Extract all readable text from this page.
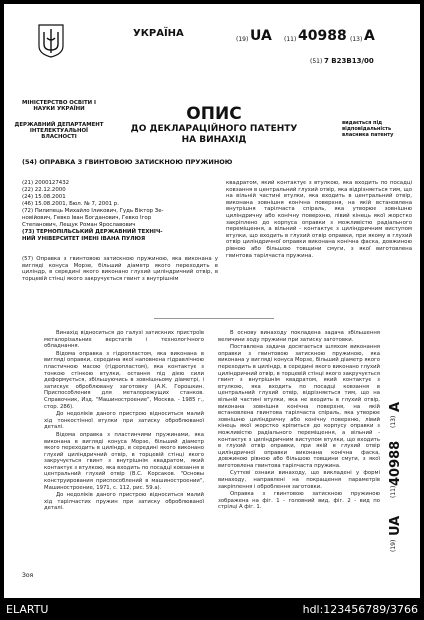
УКРАЇНА
(19) UA (11) 40988 (13) A
(51) 7 B23B13/00
МІНІСТЕРСТВО ОСВІТИ І НАУКИ УКРАЇНИ
ДЕРЖАВНИЙ ДЕПАРТАМЕНТ ІНТЕЛЕКТУАЛЬНОЇ ВЛАСНОСТІ
ОПИС
ДО ДЕКЛАРАЦІЙНОГО ПАТЕНТУ
НА ВИНАХІД
видається під відповідальність власника патенту
(54) ОПРАВКА З ГВИНТОВОЮ ЗАТИСКНОЮ ПРУЖИНОЮ
(21) 2000127432
(22) 22.12.2000
(24) 15.08.2001
(46) 15.08.2001, Бюл. № 7, 2001 р.
(72) Пилипець Михайло Іликович, Гудь Віктор Зе-
новійович, Гевко Іван Богданович, Гевко Ігор
Степанович, Лещук Роман Ярославович
(73) ТЕРНОПІЛЬСЬКИЙ ДЕРЖАВНИЙ ТЕХНІЧ-
НИЙ УНІВЕРСИТЕТ ІМЕНІ ІВАНА ПУЛЮЯ
(57) Оправка з гвинтовою затискною пружиною, яка виконана у вигляді конуса Морзе, більший діаметр якого переходить в циліндр, в середині якого виконано глухий циліндричний отвір, в торцевій стінці якого закручується гвинт з внутрішнім
квадратом, який контактує з втулкою, яка входить по посадці ковзання в центральний глухий отвір, яка відрізняється тим, що на вільній частині втулки, яка входить в центральний отвір, виконана зовнішня конічна поверхня, на якій встановлена внутрішня тарілчаста спіраль, яка утворює зовнішню циліндричну або конічну поверхню, лівий кінець якої жорстко закріплено до корпуса оправки з можливістю радіального переміщення, а вільний - контактує з циліндричним виступом втулки, що входить в глухий отвір оправки, при якому в глухий отвір циліндричної оправки виконана конічна фаска, довжиною рівною або більшою товщини смуги, з якої виготовлена гвинтова тарілчаста пружина.
Винахід відноситься до галузі затискних пристроїв металорізальних верстатів і технологічного обладнання.
Відома оправка з гідропластом, яка виконана в вигляді оправки, середина якої наповнена гідравлічною пластичною масою (гідропластом), яка контактує з тонкою стінкою втулки, остання під дією сили деформується, збільшуючись в зовнішньому діаметрі, і затискує оброблювану заготовку (А.К. Горошкин. Приспособления для металорежущих станков. Справочник, Изд. "Машиностроение", Москва. - 1985 г., стор. 286).
До недоліків даного пристрою відноситься малий хід тонкостінної втулки при затиску оброблюваної деталі.
Відома оправка з пластинчими пружинами, яка виконана в вигляді конуса Морзе, більший діаметр якого переходить в циліндр, в середині якого виконано глухий циліндричний отвір, в торцевій стінці якого закручується гвинт з внутрішнім квадратом, який контактує з втулкою, яка входить по посадці ковзання в центральний глухий отвір (В.С. Корсаков. "Основы конструирования приспособлений в машиностроении", Машиностроение, 1971, с. 112, рис. 59.а).
До недоліків даного пристрою відноситься малий хід тарілчастих пружин при затиску оброблюваної деталі.
В основу винаходу покладена задача збільшення величини ходу пружини при затиску заготовки.
Поставлена задача досягається шляхом виконання оправки з гвинтовою затискною пружиною, яка виконана у вигляді конуса Морзе, більший діаметр якого переходить в циліндр, в середині якого виконано глухий циліндричний отвір, в торцевій стінці якого закручується гвинт з внутрішнім квадратом, який контактує з втулкою, яка входить по посадці ковзання в центральний глухий отвір, відрізняється тим, що на вільній частині втулки, яка не входить в глухий отвір, виконана зовнішня конічна поверхня, на якій встановлена гвинтова тарілчаста спіраль, яка утворює зовнішню циліндричну або конічну поверхню, лівий кінець якої жорстко кріпиться до корпусу оправки з можливістю радіального переміщення, а вільний - контактує з циліндричним виступом втулки, що входить в глухий отвір оправки, при якій в глухий отвір циліндричної оправки виконана конічна фаска, довжиною рівною або більшою товщини смуги, з якої виготовлена гвинтова тарілчаста пружина.
Суттєві ознаки винаходу, що викладені у формі винаходу, направлені на покращення параметрів закріплення і оброблення заготовки.
Оправка з гвинтовою затискною пружиною зображена на фіг. 1 - головний вид, фіг. 2 - вид по стрілці А фіг. 1.
(13)
A
(11)
40988
(19)
UA
Зоя
ELARTU	hdl:123456789/3766
